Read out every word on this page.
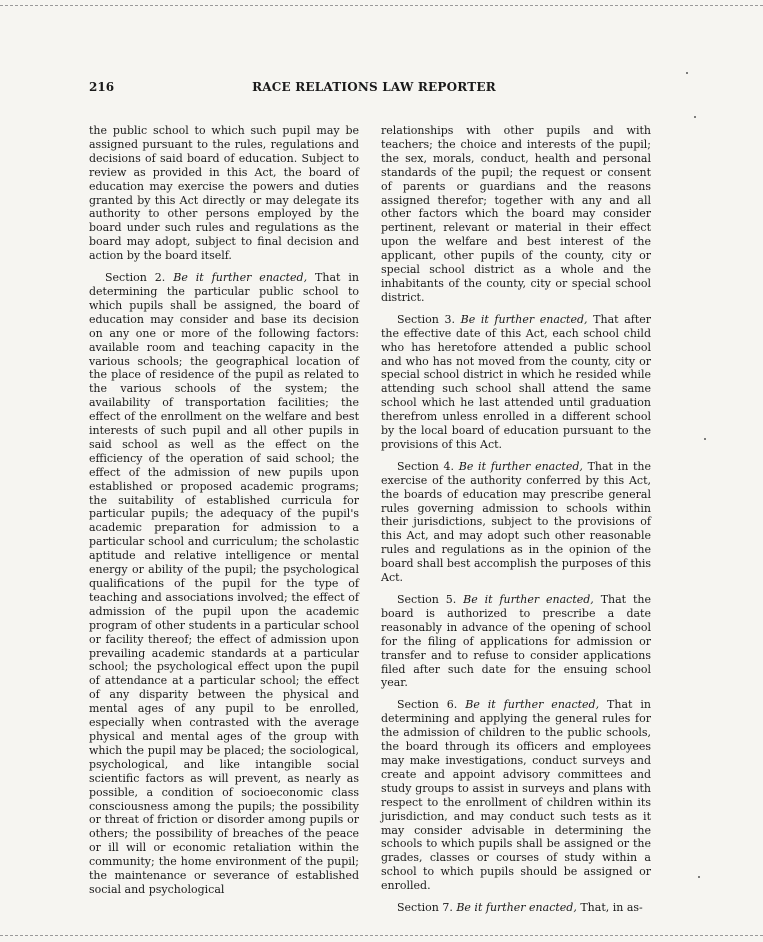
216	RACE RELATIONS LAW REPORTER

the public school to which such pupil may be assigned pursuant to the rules, regulations and decisions of said board of education. Subject to review as provided in this Act, the board of education may exercise the powers and duties granted by this Act directly or may delegate its authority to other persons employed by the board under such rules and regulations as the board may adopt, subject to final decision and action by the board itself.

Section 2. Be it further enacted, That in determining the particular public school to which pupils shall be assigned, the board of education may consider and base its decision on any one or more of the following factors: available room and teaching capacity in the various schools; the geographical location of the place of residence of the pupil as related to the various schools of the system; the availability of transportation facilities; the effect of the enrollment on the welfare and best interests of such pupil and all other pupils in said school as well as the effect on the efficiency of the operation of said school; the effect of the admission of new pupils upon established or proposed academic programs; the suitability of established curricula for particular pupils; the adequacy of the pupil's academic preparation for admission to a particular school and curriculum; the scholastic aptitude and relative intelligence or mental energy or ability of the pupil; the psychological qualifications of the pupil for the type of teaching and associations involved; the effect of admission of the pupil upon the academic program of other students in a particular school or facility thereof; the effect of admission upon prevailing academic standards at a particular school; the psychological effect upon the pupil of attendance at a particular school; the effect of any disparity between the physical and mental ages of any pupil to be enrolled, especially when contrasted with the average physical and mental ages of the group with which the pupil may be placed; the sociological, psychological, and like intangible social scientific factors as will prevent, as nearly as possible, a condition of socioeconomic class consciousness among the pupils; the possibility or threat of friction or disorder among pupils or others; the possibility of breaches of the peace or ill will or economic retaliation within the community; the home environment of the pupil; the maintenance or severance of established social and psychological

relationships with other pupils and with teachers; the choice and interests of the pupil; the sex, morals, conduct, health and personal standards of the pupil; the request or consent of parents or guardians and the reasons assigned therefor; together with any and all other factors which the board may consider pertinent, relevant or material in their effect upon the welfare and best interest of the applicant, other pupils of the county, city or special school district as a whole and the inhabitants of the county, city or special school district.

Section 3. Be it further enacted, That after the effective date of this Act, each school child who has heretofore attended a public school and who has not moved from the county, city or special school district in which he resided while attending such school shall attend the same school which he last attended until graduation therefrom unless enrolled in a different school by the local board of education pursuant to the provisions of this Act.

Section 4. Be it further enacted, That in the exercise of the authority conferred by this Act, the boards of education may prescribe general rules governing admission to schools within their jurisdictions, subject to the provisions of this Act, and may adopt such other reasonable rules and regulations as in the opinion of the board shall best accomplish the purposes of this Act.

Section 5. Be it further enacted, That the board is authorized to prescribe a date reasonably in advance of the opening of school for the filing of applications for admission or transfer and to refuse to consider applications filed after such date for the ensuing school year.

Section 6. Be it further enacted, That in determining and applying the general rules for the admission of children to the public schools, the board through its officers and employees may make investigations, conduct surveys and create and appoint advisory committees and study groups to assist in surveys and plans with respect to the enrollment of children within its jurisdiction, and may conduct such tests as it may consider advisable in determining the schools to which pupils shall be assigned or the grades, classes or courses of study within a school to which pupils should be assigned or enrolled.

Section 7. Be it further enacted, That, in as-
